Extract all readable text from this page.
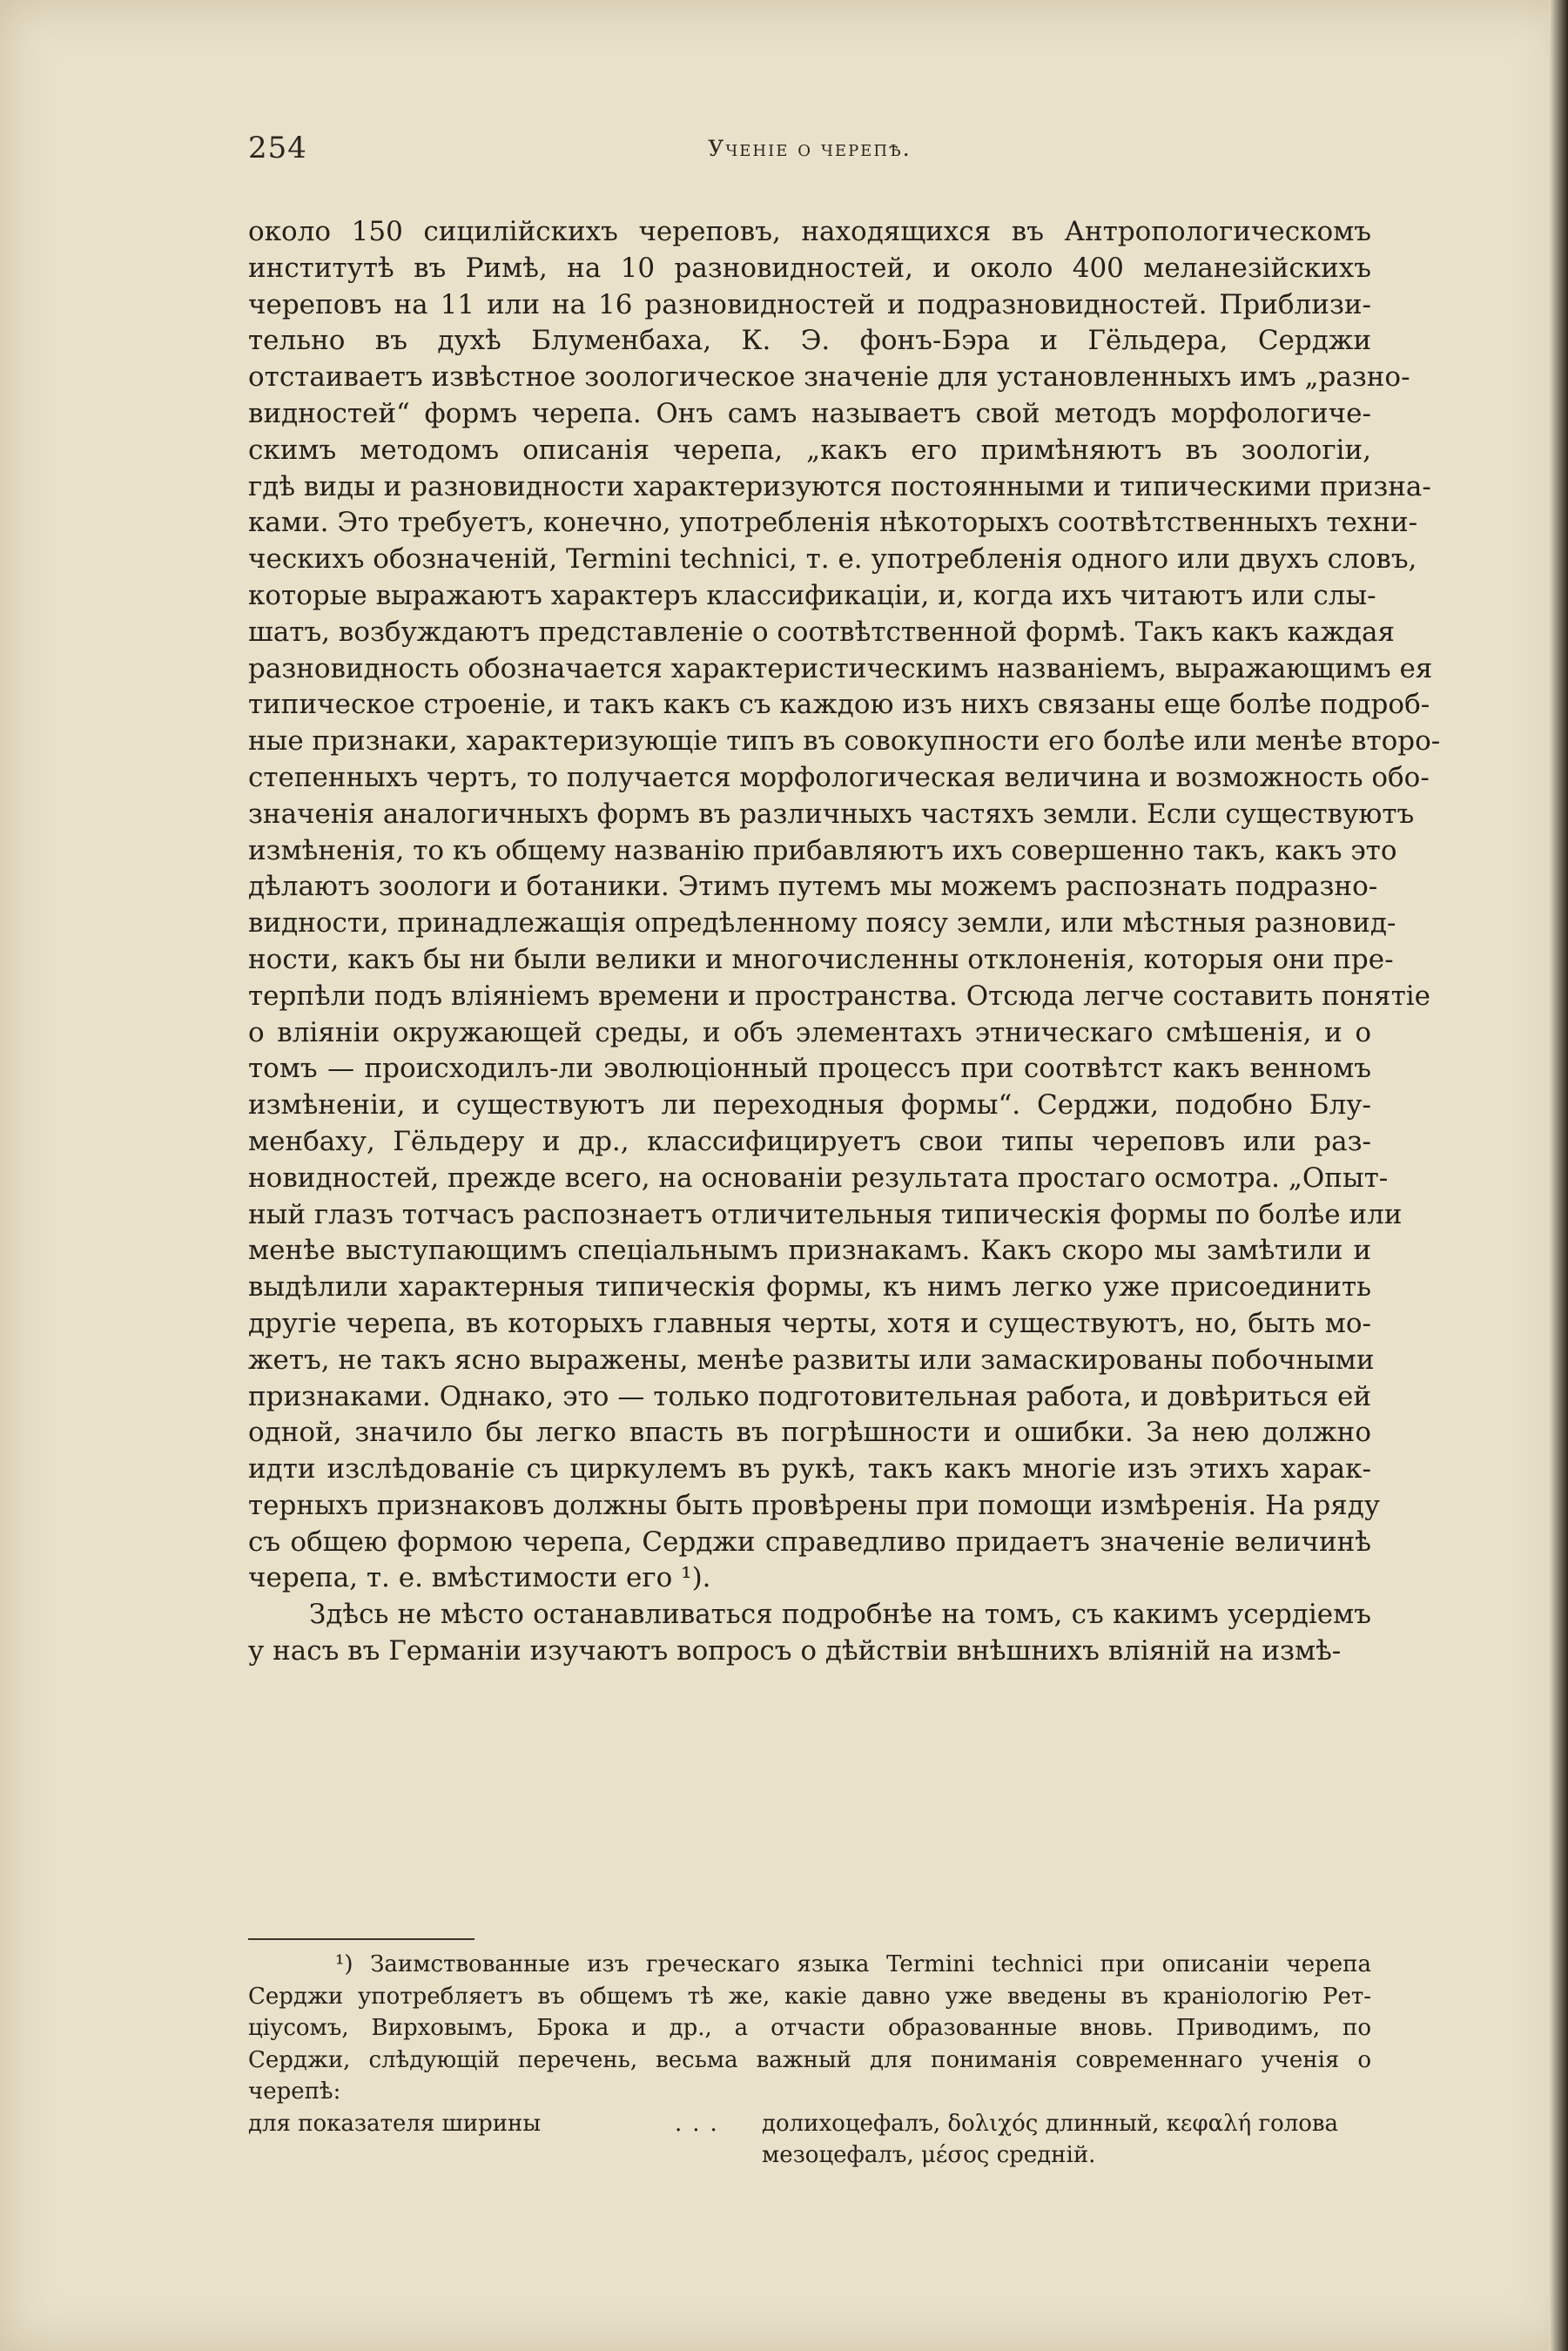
254	Ученіе о черепѣ.

около 150 сицилійскихъ череповъ, находящихся въ Антропологическомъ
институтѣ въ Римѣ, на 10 разновидностей, и около 400 меланезійскихъ
череповъ на 11 или на 16 разновидностей и подразновидностей. Приблизи-
тельно въ духѣ Блуменбаха, К. Э. фонъ-Бэра и Гёльдера, Серджи
отстаиваетъ извѣстное зоологическое значеніе для установленныхъ имъ „разно-
видностей“ формъ черепа. Онъ самъ называетъ свой методъ морфологиче-
скимъ методомъ описанія черепа, „какъ его примѣняютъ въ зоологіи,
гдѣ виды и разновидности характеризуются постоянными и типическими призна-
ками. Это требуетъ, конечно, употребленія нѣкоторыхъ соотвѣтственныхъ техни-
ческихъ обозначеній, Termini technici, т. е. употребленія одного или двухъ словъ,
которые выражаютъ характеръ классификаціи, и, когда ихъ читаютъ или слы-
шатъ, возбуждаютъ представленіе о соотвѣтственной формѣ. Такъ какъ каждая
разновидность обозначается характеристическимъ названіемъ, выражающимъ ея
типическое строеніе, и такъ какъ съ каждою изъ нихъ связаны еще болѣе подроб-
ные признаки, характеризующіе типъ въ совокупности его болѣе или менѣе второ-
степенныхъ чертъ, то получается морфологическая величина и возможность обо-
значенія аналогичныхъ формъ въ различныхъ частяхъ земли. Если существуютъ
измѣненія, то къ общему названію прибавляютъ ихъ совершенно такъ, какъ это
дѣлаютъ зоологи и ботаники. Этимъ путемъ мы можемъ распознать подразно-
видности, принадлежащія опредѣленному поясу земли, или мѣстныя разновид-
ности, какъ бы ни были велики и многочисленны отклоненія, которыя они пре-
терпѣли подъ вліяніемъ времени и пространства. Отсюда легче составить понятіе
о вліяніи окружающей среды, и объ элементахъ этническаго смѣшенія, и о
томъ — происходилъ-ли эволюціонный процессъ при соотвѣтст какъ венномъ
измѣненіи, и существуютъ ли переходныя формы“. Серджи, подобно Блу-
менбаху, Гёльдеру и др., классифицируетъ свои типы череповъ или раз-
новидностей, прежде всего, на основаніи результата простаго осмотра. „Опыт-
ный глазъ тотчасъ распознаетъ отличительныя типическія формы по болѣе или
менѣе выступающимъ спеціальнымъ признакамъ. Какъ скоро мы замѣтили и
выдѣлили характерныя типическія формы, къ нимъ легко уже присоединить
другіе черепа, въ которыхъ главныя черты, хотя и существуютъ, но, быть мо-
жетъ, не такъ ясно выражены, менѣе развиты или замаскированы побочными
признаками. Однако, это — только подготовительная работа, и довѣриться ей
одной, значило бы легко впасть въ погрѣшности и ошибки. За нею должно
идти изслѣдованіе съ циркулемъ въ рукѣ, такъ какъ многіе изъ этихъ харак-
терныхъ признаковъ должны быть провѣрены при помощи измѣренія. На ряду
съ общею формою черепа, Серджи справедливо придаетъ значеніе величинѣ
черепа, т. е. вмѣстимости его ¹).

Здѣсь не мѣсто останавливаться подробнѣе на томъ, съ какимъ усердіемъ
у насъ въ Германіи изучаютъ вопросъ о дѣйствіи внѣшнихъ вліяній на измѣ-

¹) Заимствованные изъ греческаго языка Termini technici при описаніи черепа
Серджи употребляетъ въ общемъ тѣ же, какіе давно уже введены въ краніологію Рет-
ціусомъ, Вирховымъ, Брока и др., а отчасти образованные вновь. Приводимъ, по
Серджи, слѣдующій перечень, весьма важный для пониманія современнаго ученія о
черепѣ:
для показателя ширины	... долихоцефалъ, δολιχός длинный, κεφαλή голова
мезоцефалъ, μέσος средній.
